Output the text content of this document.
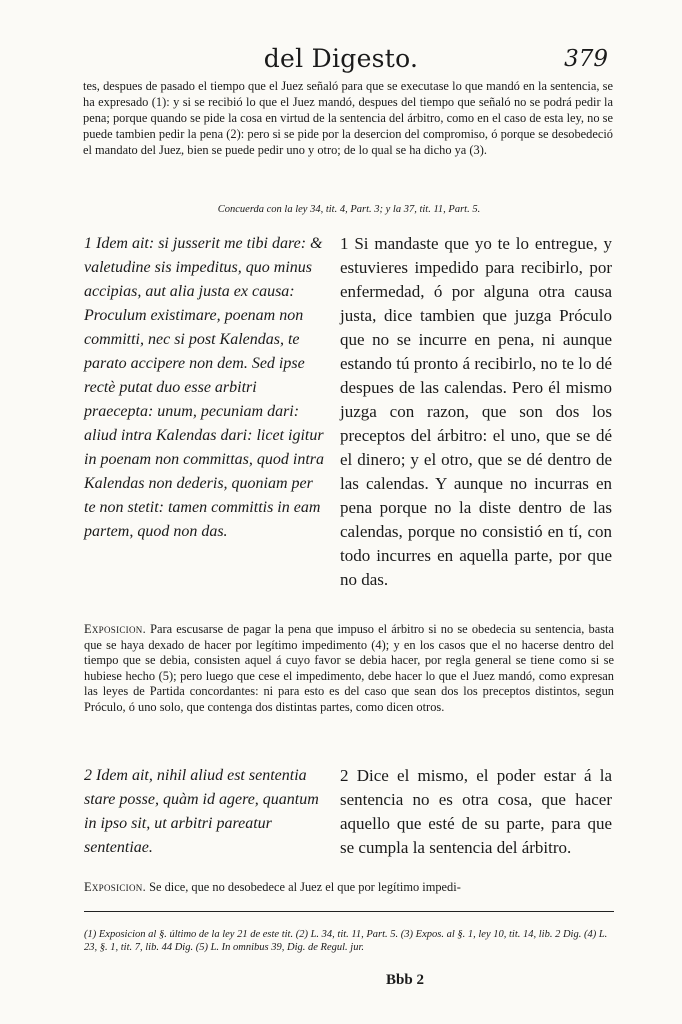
del Digesto.	379
tes, despues de pasado el tiempo que el Juez señaló para que se executase lo que mandó en la sentencia, se ha expresado (1): y si se recibió lo que el Juez mandó, despues del tiempo que señaló no se podrá pedir la pena; porque quando se pide la cosa en virtud de la sentencia del árbitro, como en el caso de esta ley, no se puede tambien pedir la pena (2): pero si se pide por la desercion del compromiso, ó porque se desobedeció el mandato del Juez, bien se puede pedir uno y otro; de lo qual se ha dicho ya (3).
Concuerda con la ley 34, tit. 4, Part. 3; y la 37, tit. 11, Part. 5.
1 Idem ait: si jusserit me tibi dare: & valetudine sis impeditus, quo minus accipias, aut alia justa ex causa: Proculum existimare, poenam non committi, nec si post Kalendas, te parato accipere non dem. Sed ipse rectè putat duo esse arbitri praecepta: unum, pecuniam dari: aliud intra Kalendas dari: licet igitur in poenam non committas, quod intra Kalendas non dederis, quoniam per te non stetit: tamen committis in eam partem, quod non das.
1 Si mandaste que yo te lo entregue, y estuvieres impedido para recibirlo, por enfermedad, ó por alguna otra causa justa, dice tambien que juzga Próculo que no se incurre en pena, ni aunque estando tú pronto á recibirlo, no te lo dé despues de las calendas. Pero él mismo juzga con razon, que son dos los preceptos del árbitro: el uno, que se dé el dinero; y el otro, que se dé dentro de las calendas. Y aunque no incurras en pena porque no la diste dentro de las calendas, porque no consistió en tí, con todo incurres en aquella parte, por que no das.
Exposicion. Para escusarse de pagar la pena que impuso el árbitro si no se obedecia su sentencia, basta que se haya dexado de hacer por legítimo impedimento (4); y en los casos que el no hacerse dentro del tiempo que se debia, consisten aquel á cuyo favor se debia hacer, por regla general se tiene como si se hubiese hecho (5); pero luego que cese el impedimento, debe hacer lo que el Juez mandó, como expresan las leyes de Partida concordantes: ni para esto es del caso que sean dos los preceptos distintos, segun Próculo, ó uno solo, que contenga dos distintas partes, como dicen otros.
2 Idem ait, nihil aliud est sententia stare posse, quàm id agere, quantum in ipso sit, ut arbitri pareatur sententiae.
2 Dice el mismo, el poder estar á la sentencia no es otra cosa, que hacer aquello que esté de su parte, para que se cumpla la sentencia del árbitro.
Exposicion. Se dice, que no desobedece al Juez el que por legítimo impedi-
(1) Exposicion al §. último de la ley 21 de este tit. (2) L. 34, tit. 11, Part. 5. (3) Expos. al §. 1, ley 10, tit. 14, lib. 2 Dig. (4) L. 23, §. 1, tit. 7, lib. 44 Dig. (5) L. In omnibus 39, Dig. de Regul. jur.
Bbb 2
